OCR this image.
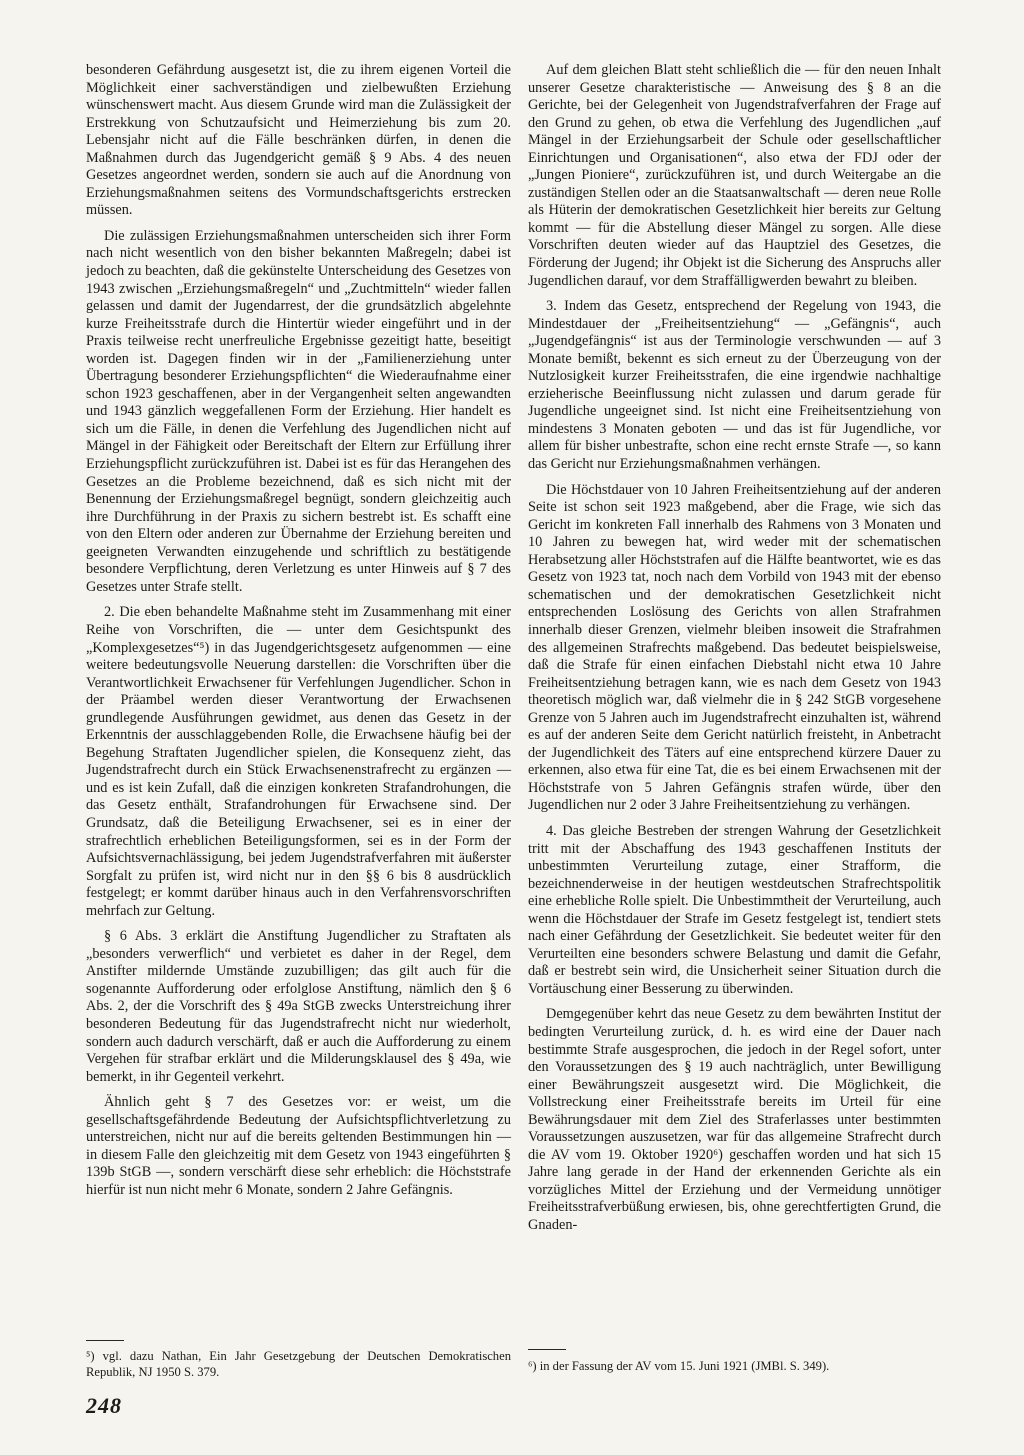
besonderen Gefährdung ausgesetzt ist, die zu ihrem eigenen Vorteil die Möglichkeit einer sachverständigen und zielbewußten Erziehung wünschenswert macht. Aus diesem Grunde wird man die Zulässigkeit der Erstrekkung von Schutzaufsicht und Heimerziehung bis zum 20. Lebensjahr nicht auf die Fälle beschränken dürfen, in denen die Maßnahmen durch das Jugendgericht gemäß § 9 Abs. 4 des neuen Gesetzes angeordnet werden, sondern sie auch auf die Anordnung von Erziehungsmaßnahmen seitens des Vormundschaftsgerichts erstrecken müssen.

Die zulässigen Erziehungsmaßnahmen unterscheiden sich ihrer Form nach nicht wesentlich von den bisher bekannten Maßregeln; dabei ist jedoch zu beachten, daß die gekünstelte Unterscheidung des Gesetzes von 1943 zwischen „Erziehungsmaßregeln“ und „Zuchtmitteln“ wieder fallen gelassen und damit der Jugendarrest, der die grundsätzlich abgelehnte kurze Freiheitsstrafe durch die Hintertür wieder eingeführt und in der Praxis teilweise recht unerfreuliche Ergebnisse gezeitigt hatte, beseitigt worden ist. Dagegen finden wir in der „Familienerziehung unter Übertragung besonderer Erziehungspflichten“ die Wiederaufnahme einer schon 1923 geschaffenen, aber in der Vergangenheit selten angewandten und 1943 gänzlich weggefallenen Form der Erziehung. Hier handelt es sich um die Fälle, in denen die Verfehlung des Jugendlichen nicht auf Mängel in der Fähigkeit oder Bereitschaft der Eltern zur Erfüllung ihrer Erziehungspflicht zurückzuführen ist. Dabei ist es für das Herangehen des Gesetzes an die Probleme bezeichnend, daß es sich nicht mit der Benennung der Erziehungsmaßregel begnügt, sondern gleichzeitig auch ihre Durchführung in der Praxis zu sichern bestrebt ist. Es schafft eine von den Eltern oder anderen zur Übernahme der Erziehung bereiten und geeigneten Verwandten einzugehende und schriftlich zu bestätigende besondere Verpflichtung, deren Verletzung es unter Hinweis auf § 7 des Gesetzes unter Strafe stellt.

2. Die eben behandelte Maßnahme steht im Zusammenhang mit einer Reihe von Vorschriften, die — unter dem Gesichtspunkt des „Komplexgesetzes“⁵) in das Jugendgerichtsgesetz aufgenommen — eine weitere bedeutungsvolle Neuerung darstellen: die Vorschriften über die Verantwortlichkeit Erwachsener für Verfehlungen Jugendlicher. Schon in der Präambel werden dieser Verantwortung der Erwachsenen grundlegende Ausführungen gewidmet, aus denen das Gesetz in der Erkenntnis der ausschlaggebenden Rolle, die Erwachsene häufig bei der Begehung Straftaten Jugendlicher spielen, die Konsequenz zieht, das Jugendstrafrecht durch ein Stück Erwachsenenstrafrecht zu ergänzen — und es ist kein Zufall, daß die einzigen konkreten Strafandrohungen, die das Gesetz enthält, Strafandrohungen für Erwachsene sind. Der Grundsatz, daß die Beteiligung Erwachsener, sei es in einer der strafrechtlich erheblichen Beteiligungsformen, sei es in der Form der Aufsichtsvernachlässigung, bei jedem Jugendstrafverfahren mit äußerster Sorgfalt zu prüfen ist, wird nicht nur in den §§ 6 bis 8 ausdrücklich festgelegt; er kommt darüber hinaus auch in den Verfahrensvorschriften mehrfach zur Geltung.

§ 6 Abs. 3 erklärt die Anstiftung Jugendlicher zu Straftaten als „besonders verwerflich“ und verbietet es daher in der Regel, dem Anstifter mildernde Umstände zuzubilligen; das gilt auch für die sogenannte Aufforderung oder erfolglose Anstiftung, nämlich den § 6 Abs. 2, der die Vorschrift des § 49a StGB zwecks Unterstreichung ihrer besonderen Bedeutung für das Jugendstrafrecht nicht nur wiederholt, sondern auch dadurch verschärft, daß er auch die Aufforderung zu einem Vergehen für strafbar erklärt und die Milderungsklausel des § 49a, wie bemerkt, in ihr Gegenteil verkehrt.

Ähnlich geht § 7 des Gesetzes vor: er weist, um die gesellschaftsgefährdende Bedeutung der Aufsichtspflichtverletzung zu unterstreichen, nicht nur auf die bereits geltenden Bestimmungen hin — in diesem Falle den gleichzeitig mit dem Gesetz von 1943 eingeführten § 139b StGB —, sondern verschärft diese sehr erheblich: die Höchststrafe hierfür ist nun nicht mehr 6 Monate, sondern 2 Jahre Gefängnis.

Auf dem gleichen Blatt steht schließlich die — für den neuen Inhalt unserer Gesetze charakteristische — Anweisung des § 8 an die Gerichte, bei der Gelegenheit von Jugendstrafverfahren der Frage auf den Grund zu gehen, ob etwa die Verfehlung des Jugendlichen „auf Mängel in der Erziehungsarbeit der Schule oder gesellschaftlicher Einrichtungen und Organisationen“, also etwa der FDJ oder der „Jungen Pioniere“, zurückzuführen ist, und durch Weitergabe an die zuständigen Stellen oder an die Staatsanwaltschaft — deren neue Rolle als Hüterin der demokratischen Gesetzlichkeit hier bereits zur Geltung kommt — für die Abstellung dieser Mängel zu sorgen. Alle diese Vorschriften deuten wieder auf das Hauptziel des Gesetzes, die Förderung der Jugend; ihr Objekt ist die Sicherung des Anspruchs aller Jugendlichen darauf, vor dem Straffälligwerden bewahrt zu bleiben.

3. Indem das Gesetz, entsprechend der Regelung von 1943, die Mindestdauer der „Freiheitsentziehung“ — „Gefängnis“, auch „Jugendgefängnis“ ist aus der Terminologie verschwunden — auf 3 Monate bemißt, bekennt es sich erneut zu der Überzeugung von der Nutzlosigkeit kurzer Freiheitsstrafen, die eine irgendwie nachhaltige erzieherische Beeinflussung nicht zulassen und darum gerade für Jugendliche ungeeignet sind. Ist nicht eine Freiheitsentziehung von mindestens 3 Monaten geboten — und das ist für Jugendliche, vor allem für bisher unbestrafte, schon eine recht ernste Strafe —, so kann das Gericht nur Erziehungsmaßnahmen verhängen.

Die Höchstdauer von 10 Jahren Freiheitsentziehung auf der anderen Seite ist schon seit 1923 maßgebend, aber die Frage, wie sich das Gericht im konkreten Fall innerhalb des Rahmens von 3 Monaten und 10 Jahren zu bewegen hat, wird weder mit der schematischen Herabsetzung aller Höchststrafen auf die Hälfte beantwortet, wie es das Gesetz von 1923 tat, noch nach dem Vorbild von 1943 mit der ebenso schematischen und der demokratischen Gesetzlichkeit nicht entsprechenden Loslösung des Gerichts von allen Strafrahmen innerhalb dieser Grenzen, vielmehr bleiben insoweit die Strafrahmen des allgemeinen Strafrechts maßgebend. Das bedeutet beispielsweise, daß die Strafe für einen einfachen Diebstahl nicht etwa 10 Jahre Freiheitsentziehung betragen kann, wie es nach dem Gesetz von 1943 theoretisch möglich war, daß vielmehr die in § 242 StGB vorgesehene Grenze von 5 Jahren auch im Jugendstrafrecht einzuhalten ist, während es auf der anderen Seite dem Gericht natürlich freisteht, in Anbetracht der Jugendlichkeit des Täters auf eine entsprechend kürzere Dauer zu erkennen, also etwa für eine Tat, die es bei einem Erwachsenen mit der Höchststrafe von 5 Jahren Gefängnis strafen würde, über den Jugendlichen nur 2 oder 3 Jahre Freiheitsentziehung zu verhängen.

4. Das gleiche Bestreben der strengen Wahrung der Gesetzlichkeit tritt mit der Abschaffung des 1943 geschaffenen Instituts der unbestimmten Verurteilung zutage, einer Strafform, die bezeichnenderweise in der heutigen westdeutschen Strafrechtspolitik eine erhebliche Rolle spielt. Die Unbestimmtheit der Verurteilung, auch wenn die Höchstdauer der Strafe im Gesetz festgelegt ist, tendiert stets nach einer Gefährdung der Gesetzlichkeit. Sie bedeutet weiter für den Verurteilten eine besonders schwere Belastung und damit die Gefahr, daß er bestrebt sein wird, die Unsicherheit seiner Situation durch die Vortäuschung einer Besserung zu überwinden.

Demgegenüber kehrt das neue Gesetz zu dem bewährten Institut der bedingten Verurteilung zurück, d. h. es wird eine der Dauer nach bestimmte Strafe ausgesprochen, die jedoch in der Regel sofort, unter den Voraussetzungen des § 19 auch nachträglich, unter Bewilligung einer Bewährungszeit ausgesetzt wird. Die Möglichkeit, die Vollstreckung einer Freiheitsstrafe bereits im Urteil für eine Bewährungsdauer mit dem Ziel des Straferlasses unter bestimmten Voraussetzungen auszusetzen, war für das allgemeine Strafrecht durch die AV vom 19. Oktober 1920⁶) geschaffen worden und hat sich 15 Jahre lang gerade in der Hand der erkennenden Gerichte als ein vorzügliches Mittel der Erziehung und der Vermeidung unnötiger Freiheitsstrafverbüßung erwiesen, bis, ohne gerechtfertigten Grund, die Gnaden-

⁵) vgl. dazu Nathan, Ein Jahr Gesetzgebung der Deutschen Demokratischen Republik, NJ 1950 S. 379.	⁶) in der Fassung der AV vom 15. Juni 1921 (JMBl. S. 349).
248
